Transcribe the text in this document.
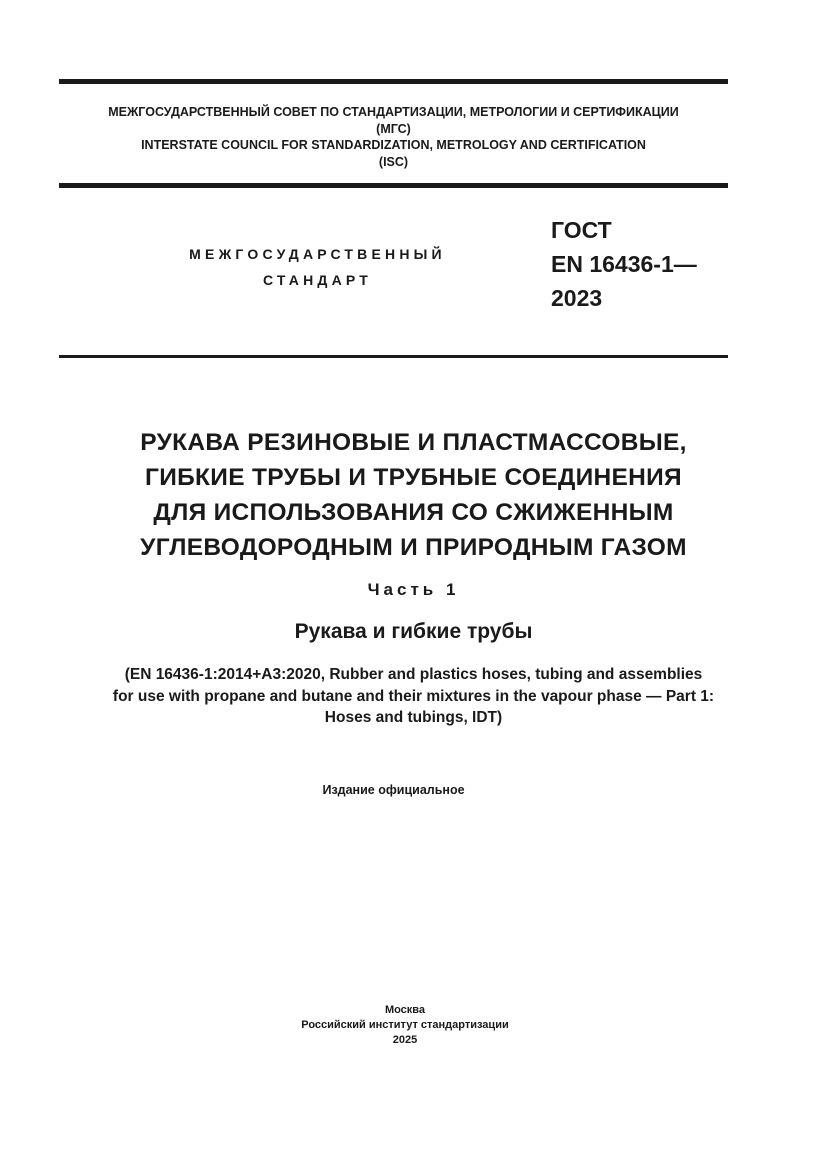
МЕЖГОСУДАРСТВЕННЫЙ СОВЕТ ПО СТАНДАРТИЗАЦИИ, МЕТРОЛОГИИ И СЕРТИФИКАЦИИ
(МГС)
INTERSTATE COUNCIL FOR STANDARDIZATION, METROLOGY AND CERTIFICATION
(ISC)
МЕЖГОСУДАРСТВЕННЫЙ
СТАНДАРТ
ГОСТ
EN 16436-1—
2023
РУКАВА РЕЗИНОВЫЕ И ПЛАСТМАССОВЫЕ,
ГИБКИЕ ТРУБЫ И ТРУБНЫЕ СОЕДИНЕНИЯ
ДЛЯ ИСПОЛЬЗОВАНИЯ СО СЖИЖЕННЫМ
УГЛЕВОДОРОДНЫМ И ПРИРОДНЫМ ГАЗОМ
Часть 1
Рукава и гибкие трубы
(EN 16436-1:2014+A3:2020, Rubber and plastics hoses, tubing and assemblies
for use with propane and butane and their mixtures in the vapour phase — Part 1:
Hoses and tubings, IDT)
Издание официальное
Москва
Российский институт стандартизации
2025
